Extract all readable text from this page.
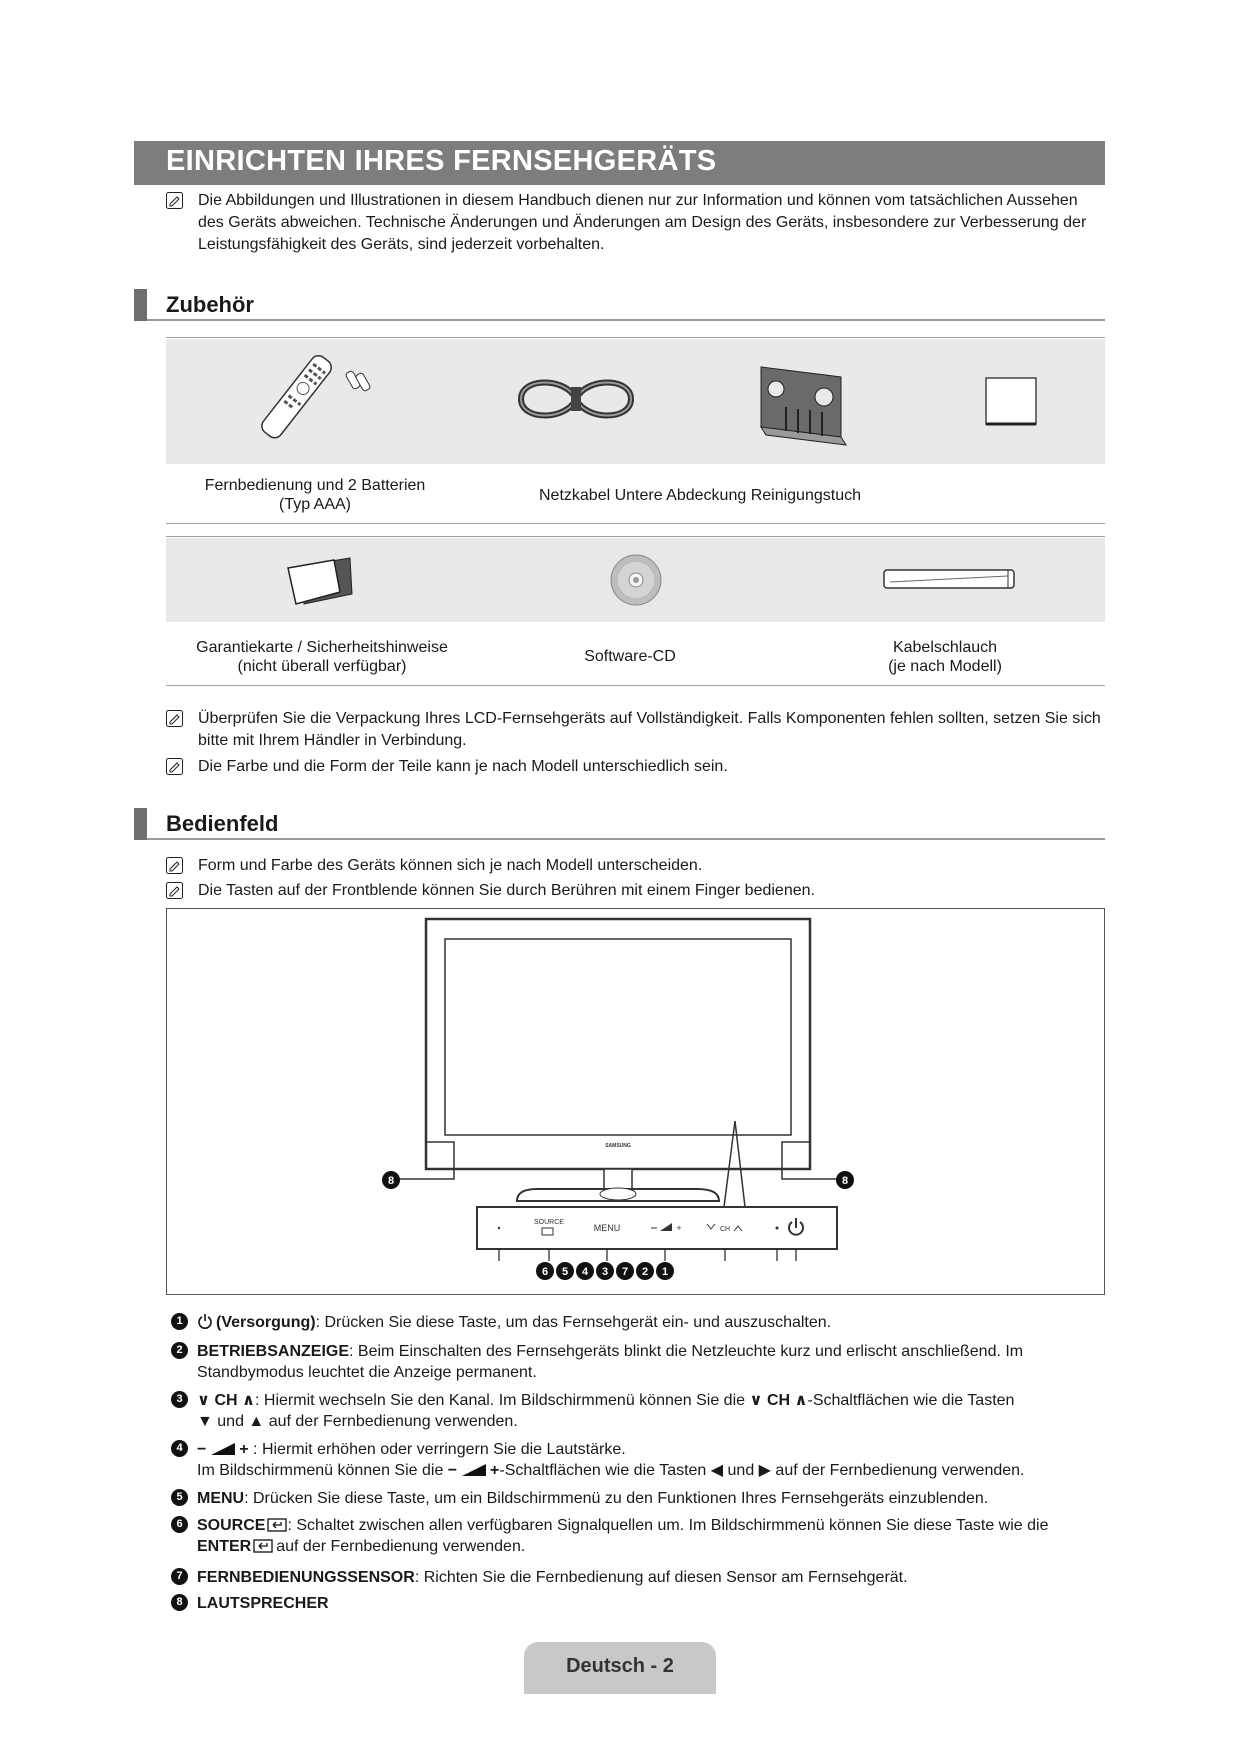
EINRICHTEN IHRES FERNSEHGERÄTS
Die Abbildungen und Illustrationen in diesem Handbuch dienen nur zur Information und können vom tatsächlichen Aussehen des Geräts abweichen. Technische Änderungen und Änderungen am Design des Geräts, insbesondere zur Verbesserung der Leistungsfähigkeit des Geräts, sind jederzeit vorbehalten.
Zubehör
Fernbedienung und 2 Batterien
(Typ AAA)
Netzkabel Untere Abdeckung Reinigungstuch
Garantiekarte / Sicherheitshinweise
(nicht überall verfügbar)
Software-CD
Kabelschlauch
(je nach Modell)
Überprüfen Sie die Verpackung Ihres LCD-Fernsehgeräts auf Vollständigkeit. Falls Komponenten fehlen sollten, setzen Sie sich bitte mit Ihrem Händler in Verbindung.
Die Farbe und die Form der Teile kann je nach Modell unterschiedlich sein.
Bedienfeld
Form und Farbe des Geräts können sich je nach Modell unterscheiden.
Die Tasten auf der Frontblende können Sie durch Berühren mit einem Finger bedienen.
SAMSUNG
8	8
SOURCE
MENU	+	CH
6 5 4 3 7 2 1
1	(Versorgung): Drücken Sie diese Taste, um das Fernsehgerät ein- und auszuschalten.
2 BETRIEBSANZEIGE: Beim Einschalten des Fernsehgeräts blinkt die Netzleuchte kurz und erlischt anschließend. Im Standbymodus leuchtet die Anzeige permanent.
3 ∨ CH ∧: Hiermit wechseln Sie den Kanal. Im Bildschirmmenü können Sie die ∨ CH ∧-Schaltflächen wie die Tasten
▼ und ▲ auf der Fernbedienung verwenden.
4 − + : Hiermit erhöhen oder verringern Sie die Lautstärke.
Im Bildschirmmenü können Sie die − +-Schaltflächen wie die Tasten ◀ und ▶ auf der Fernbedienung verwenden.
5 MENU: Drücken Sie diese Taste, um ein Bildschirmmenü zu den Funktionen Ihres Fernsehgeräts einzublenden.
6 SOURCE : Schaltet zwischen allen verfügbaren Signalquellen um. Im Bildschirmmenü können Sie diese Taste wie die
ENTER auf der Fernbedienung verwenden.
7 FERNBEDIENUNGSSENSOR: Richten Sie die Fernbedienung auf diesen Sensor am Fernsehgerät.
8 LAUTSPRECHER
Deutsch - 2
